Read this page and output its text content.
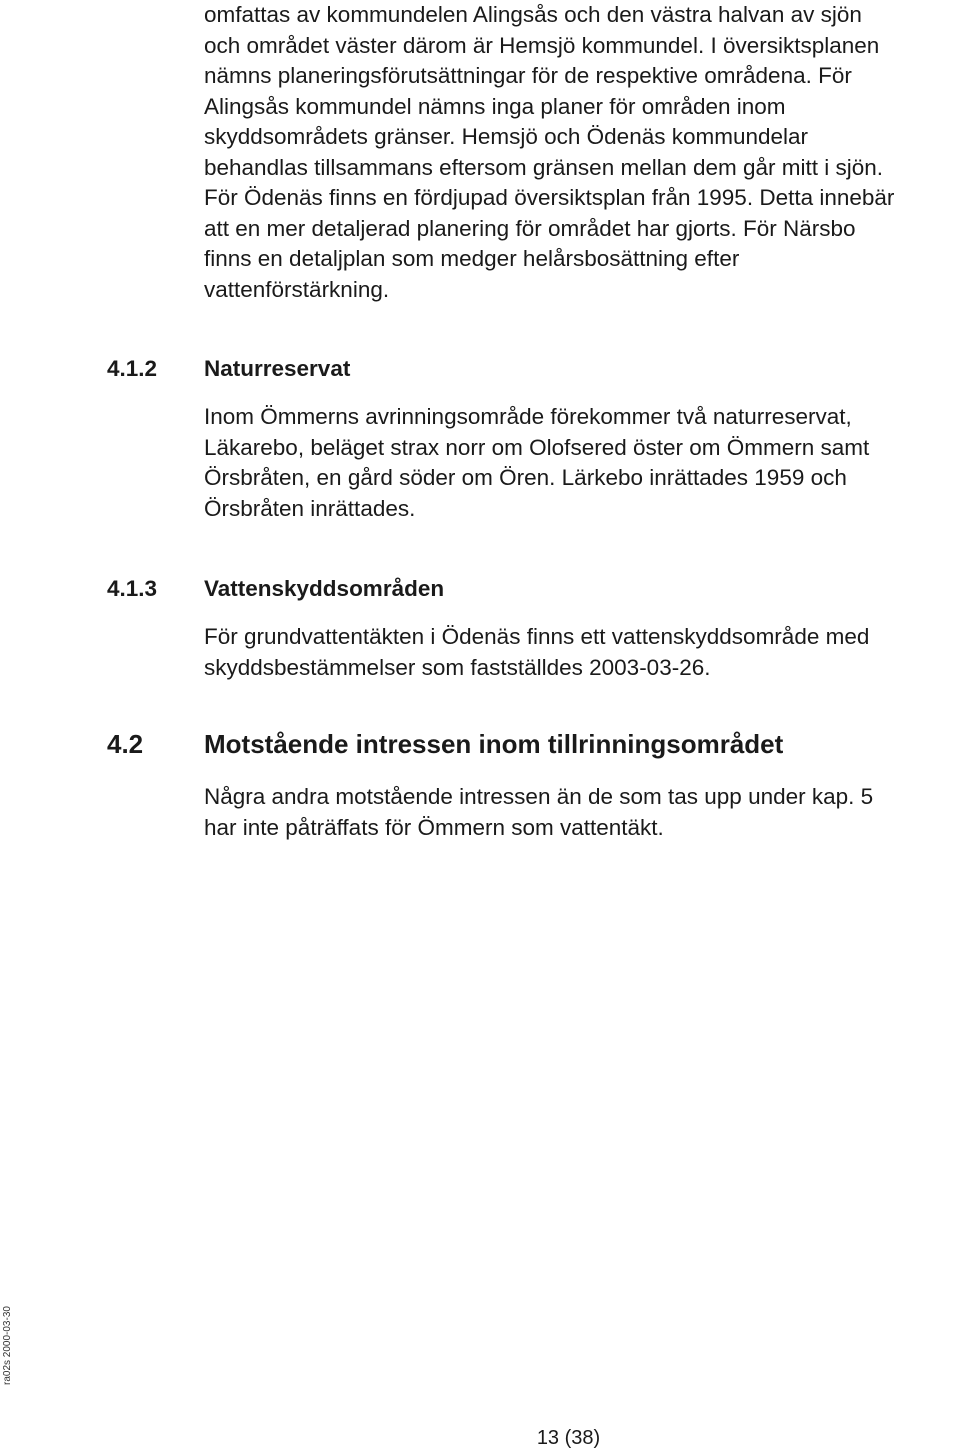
omfattas av kommundelen Alingsås och den västra halvan av sjön
och området väster därom är Hemsjö kommundel. I översiktsplanen
nämns planeringsförutsättningar för de respektive områdena. För
Alingsås kommundel nämns inga planer för områden inom
skyddsområdets gränser. Hemsjö och Ödenäs kommundelar
behandlas tillsammans eftersom gränsen mellan dem går mitt i sjön.
För Ödenäs finns en fördjupad översiktsplan från 1995. Detta innebär
att en mer detaljerad planering för området har gjorts. För Närsbo
finns en detaljplan som medger helårsbosättning efter
vattenförstärkning.
4.1.2 Naturreservat
Inom Ömmerns avrinningsområde förekommer två naturreservat,
Läkarebo, beläget strax norr om Olofsered öster om Ömmern samt
Örsbråten, en gård söder om Ören. Lärkebo inrättades 1959 och
Örsbråten inrättades.
4.1.3 Vattenskyddsområden
För grundvattentäkten i Ödenäs finns ett vattenskyddsområde med
skyddsbestämmelser som fastställdes 2003-03-26.
4.2 Motstående intressen inom tillrinningsområdet
Några andra motstående intressen än de som tas upp under kap. 5
har inte påträffats för Ömmern som vattentäkt.
ra02s 2000-03-30
13 (38)
